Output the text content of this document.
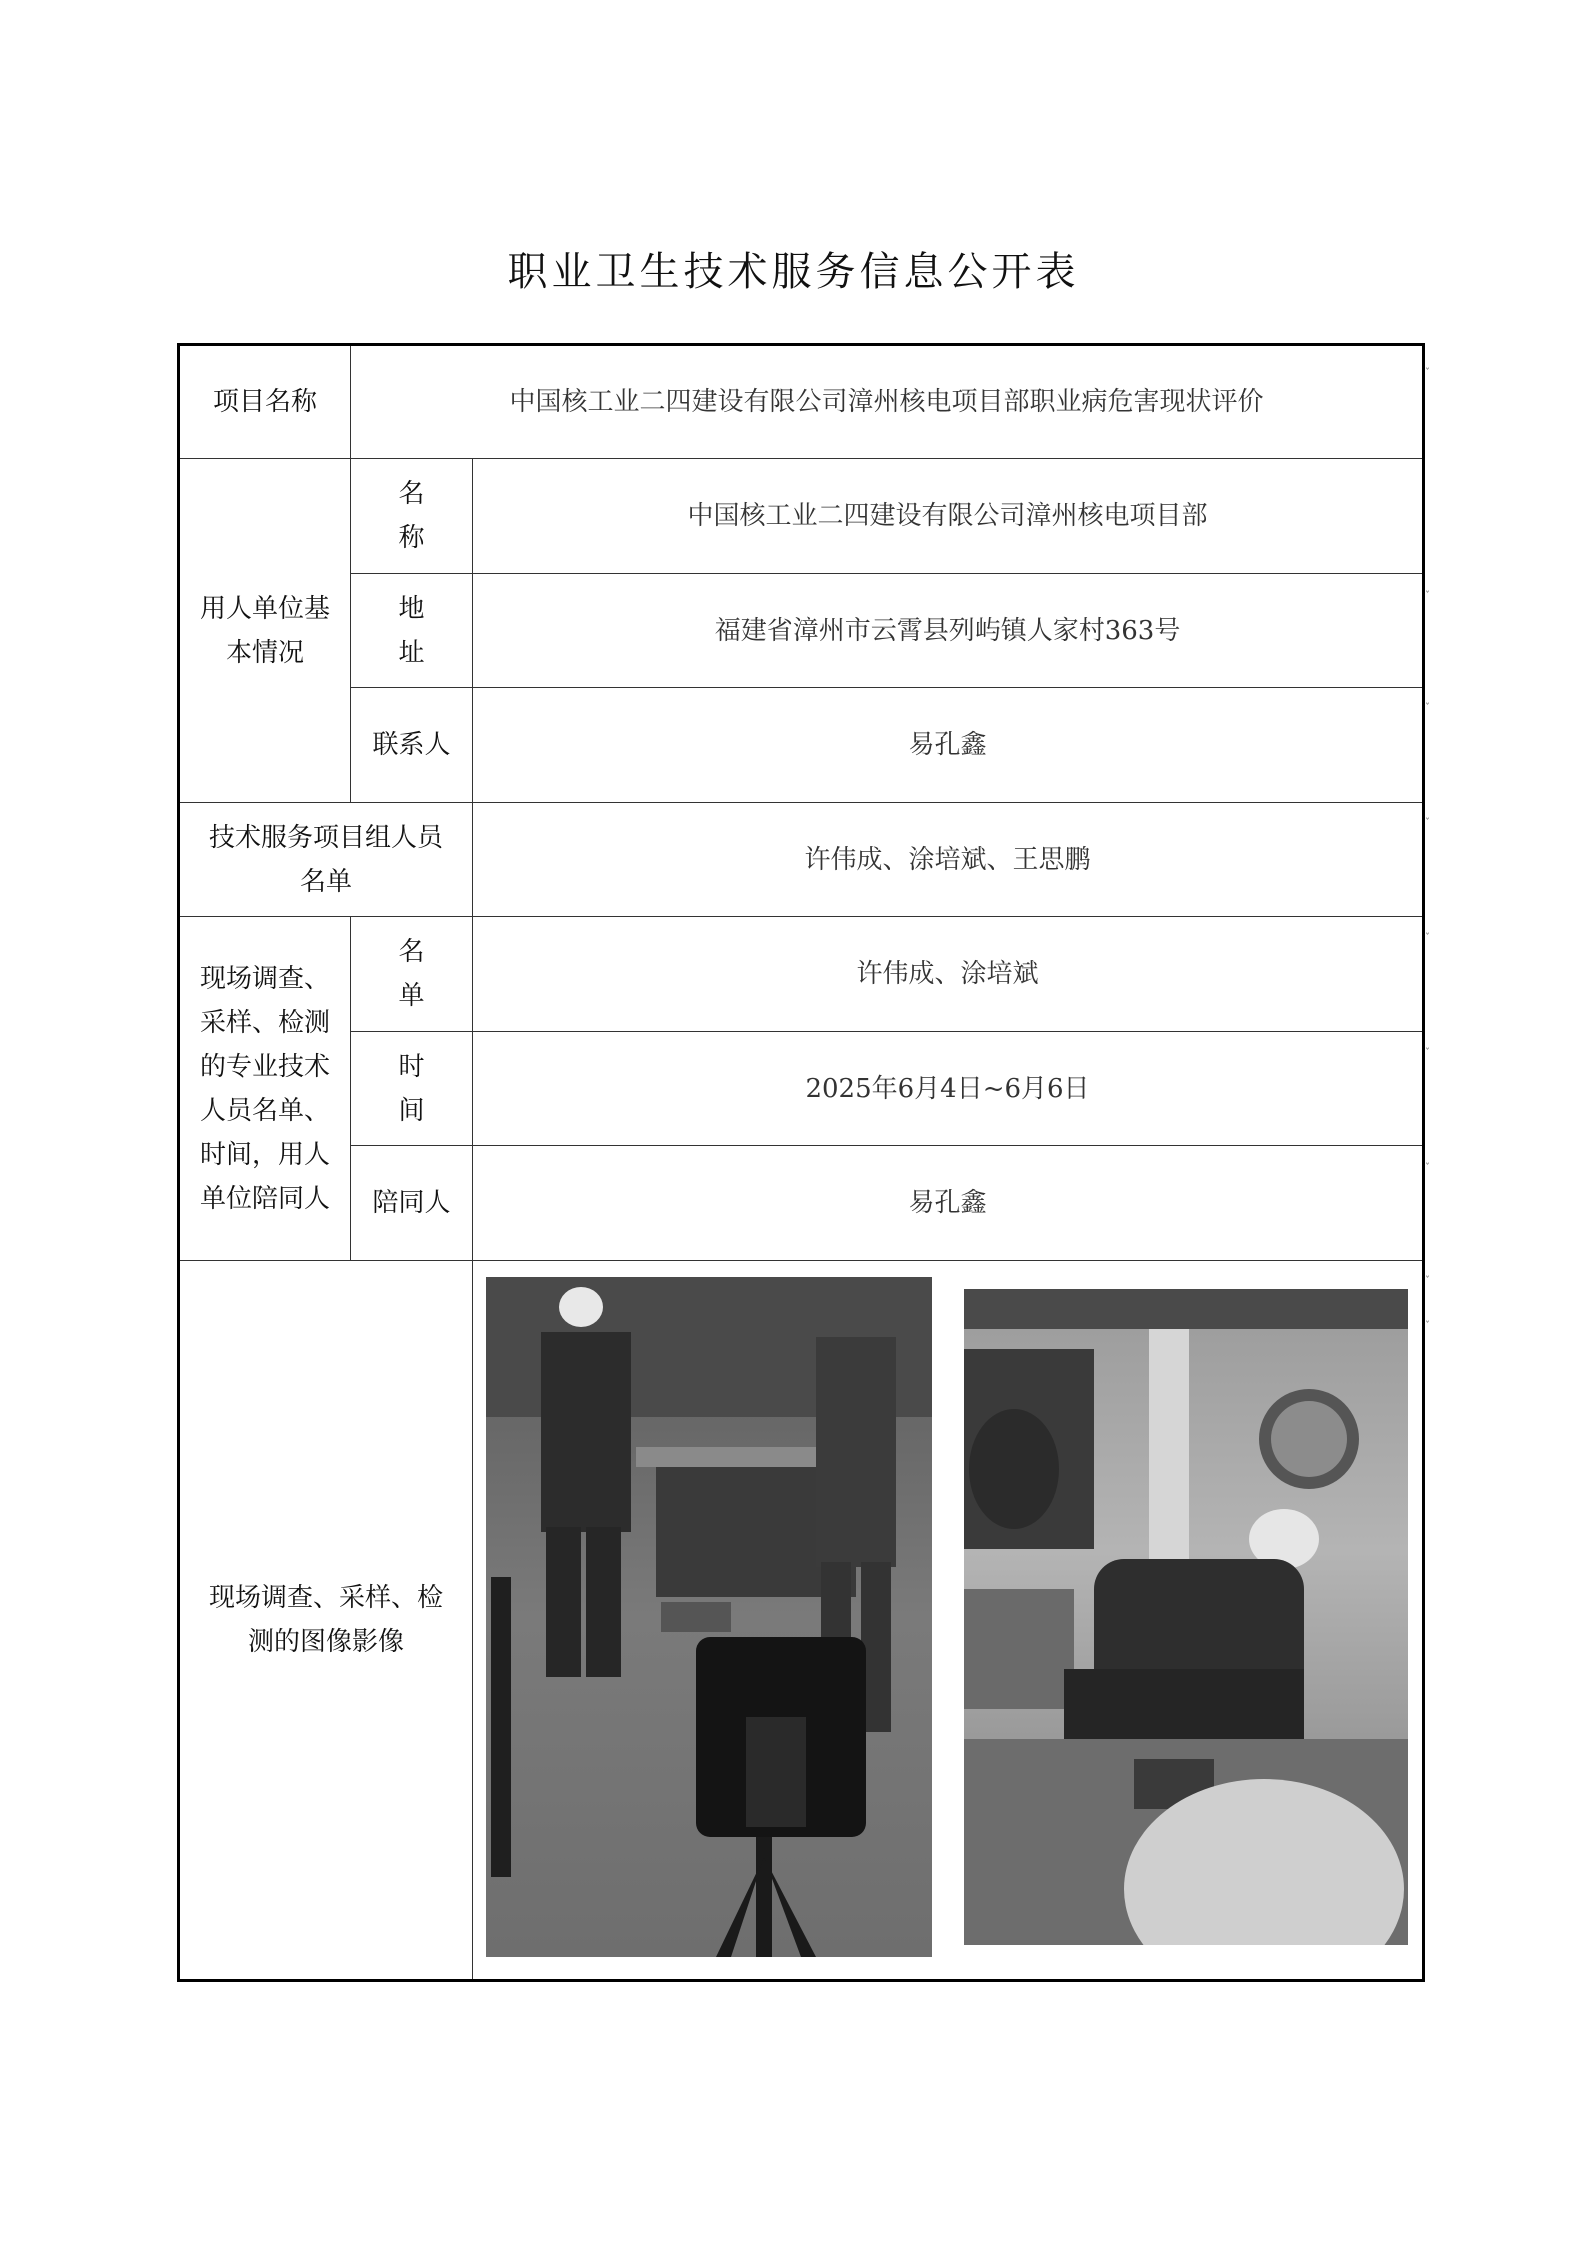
职业卫生技术服务信息公开表
项目名称	中国核工业二四建设有限公司漳州核电项目部职业病危害现状评价	
用人单位基本情况	名称	中国核工业二四建设有限公司漳州核电项目部
	地址	福建省漳州市云霄县列屿镇人家村363号
	联系人	易孔鑫
技术服务项目组人员名单		许伟成、涂培斌、王思鹏
现场调查、采样、检测的专业技术人员名单、时间，用人单位陪同人	名单	许伟成、涂培斌
	时间	2025年6月4日~6月6日
	陪同人	易孔鑫
现场调查、采样、检测的图像影像	
ˇ
ˇ
ˇ
ˇ
ˇ
ˇ
ˇ
ˇ
ˇ
